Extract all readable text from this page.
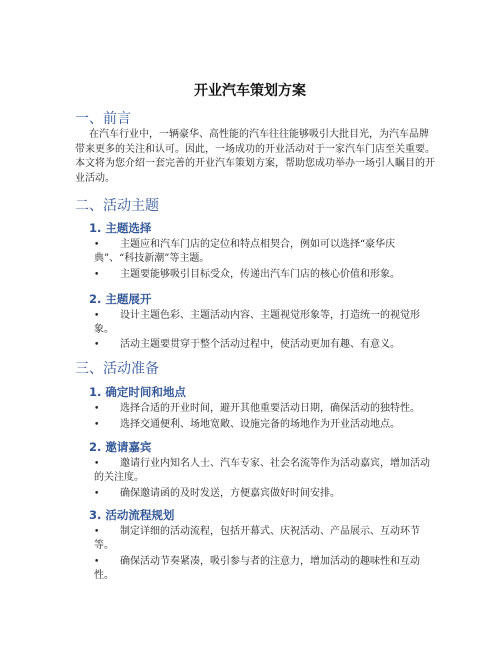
开业汽车策划方案
一、前言
在汽车行业中，一辆豪华、高性能的汽车往往能够吸引大批目光，为汽车品牌带来更多的关注和认可。因此，一场成功的开业活动对于一家汽车门店至关重要。本文将为您介绍一套完善的开业汽车策划方案，帮助您成功举办一场引人瞩目的开业活动。
二、活动主题
1. 主题选择
•	主题应和汽车门店的定位和特点相契合，例如可以选择“豪华庆典”、“科技新潮”等主题。
•	主题要能够吸引目标受众，传递出汽车门店的核心价值和形象。
2. 主题展开
•	设计主题色彩、主题活动内容、主题视觉形象等，打造统一的视觉形象。
•	活动主题要贯穿于整个活动过程中，使活动更加有趣、有意义。
三、活动准备
1. 确定时间和地点
•	选择合适的开业时间，避开其他重要活动日期，确保活动的独特性。
•	选择交通便利、场地宽敞、设施完备的场地作为开业活动地点。
2. 邀请嘉宾
•	邀请行业内知名人士、汽车专家、社会名流等作为活动嘉宾，增加活动的关注度。
•	确保邀请函的及时发送，方便嘉宾做好时间安排。
3. 活动流程规划
•	制定详细的活动流程，包括开幕式、庆祝活动、产品展示、互动环节等。
•	确保活动节奏紧凑，吸引参与者的注意力，增加活动的趣味性和互动性。
